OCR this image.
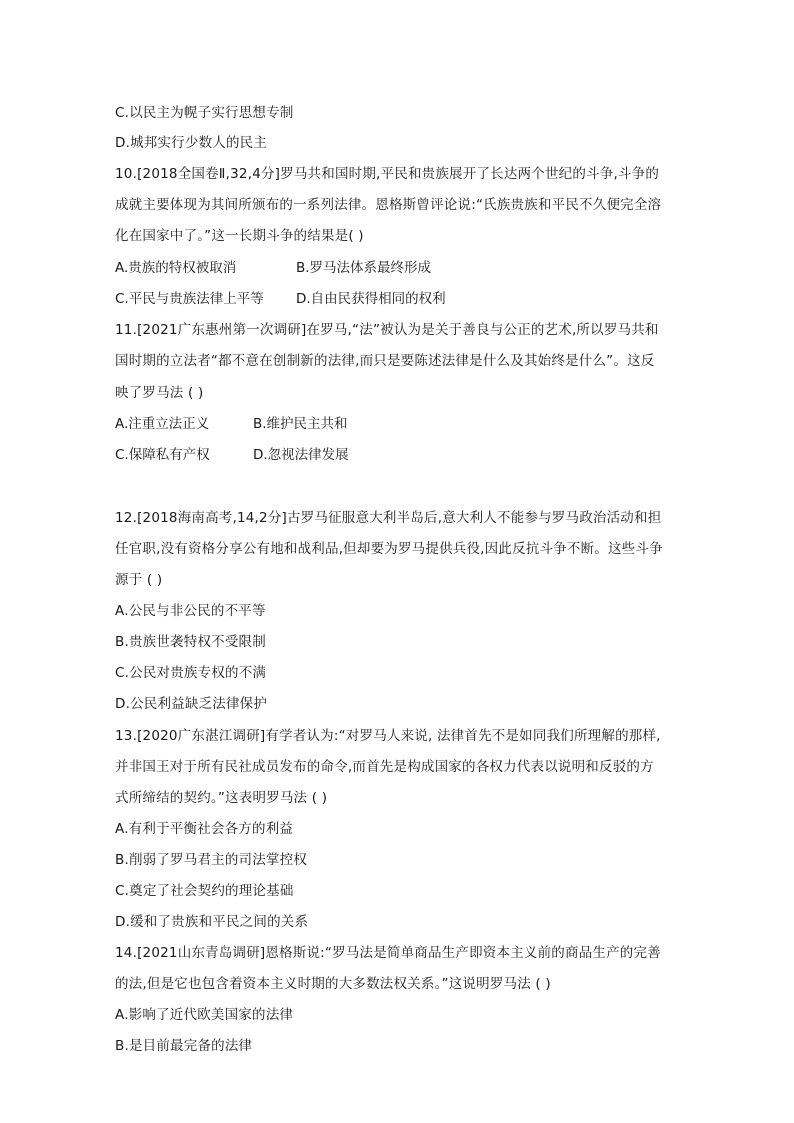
C.以民主为幌子实行思想专制
D.城邦实行少数人的民主
10.[2018全国卷Ⅱ,32,4分]罗马共和国时期,平民和贵族展开了长达两个世纪的斗争,斗争的
成就主要体现为其间所颁布的一系列法律。恩格斯曾评论说:“氏族贵族和平民不久便完全溶
化在国家中了。”这一长期斗争的结果是( )
A.贵族的特权被取消	B.罗马法体系最终形成
C.平民与贵族法律上平等 D.自由民获得相同的权利
11.[2021广东惠州第一次调研]在罗马,“法”被认为是关于善良与公正的艺术,所以罗马共和
国时期的立法者“都不意在创制新的法律,而只是要陈述法律是什么及其始终是什么”。这反
映了罗马法 ( )
A.注重立法正义	B.维护民主共和
C.保障私有产权	D.忽视法律发展
12.[2018海南高考,14,2分]古罗马征服意大利半岛后,意大利人不能参与罗马政治活动和担
任官职,没有资格分享公有地和战利品,但却要为罗马提供兵役,因此反抗斗争不断。这些斗争
源于 ( )
A.公民与非公民的不平等
B.贵族世袭特权不受限制
C.公民对贵族专权的不满
D.公民利益缺乏法律保护
13.[2020广东湛江调研]有学者认为:“对罗马人来说, 法律首先不是如同我们所理解的那样,
并非国王对于所有民社成员发布的命令,而首先是构成国家的各权力代表以说明和反驳的方
式所缔结的契约。”这表明罗马法 ( )
A.有利于平衡社会各方的利益
B.削弱了罗马君主的司法掌控权
C.奠定了社会契约的理论基础
D.缓和了贵族和平民之间的关系
14.[2021山东青岛调研]恩格斯说:“罗马法是简单商品生产即资本主义前的商品生产的完善
的法,但是它也包含着资本主义时期的大多数法权关系。”这说明罗马法 ( )
A.影响了近代欧美国家的法律
B.是目前最完备的法律
